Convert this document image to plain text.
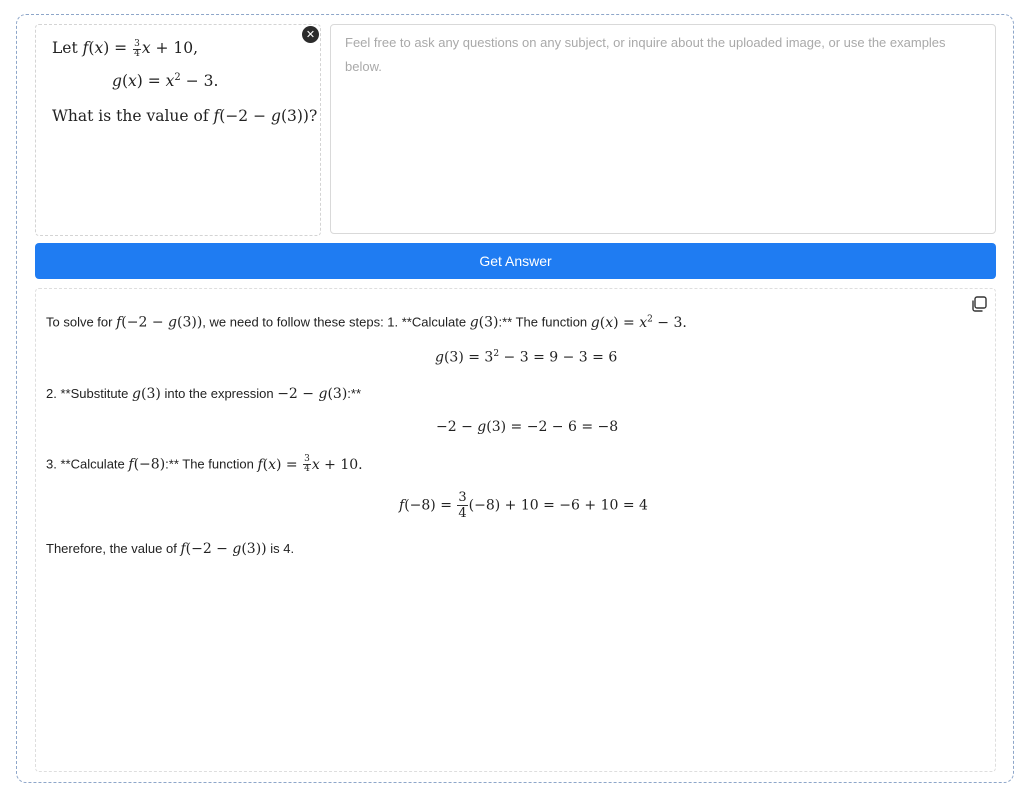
Let $f(x) = \frac{3}{4}$ x + 10,
$g(x) = x^2 - 3$.
What is the value of f(−2 − g(3))?
✕
Feel free to ask any questions on any subject, or inquire about the uploaded image, or use the examples below.
Get Answer
To solve for f(−2 − g(3)), we need to follow these steps: 1. **Calculate g(3):** The function $g(x) = x^2 - 3$.
$g(3) = 3^2 - 3 = 9 - 3 = 6$
2. **Substitute g(3) into the expression −2 − g(3):**
−2 − g(3) = −2 − 6 = −8
3. **Calculate f(−8):** The function $f(x) = \frac{3}{4}$ x + 10.
$f(-8) = \frac{3}{4} (-8) + 10 = -6 + 10 = 4$
Therefore, the value of f(−2 − g(3)) is 4.
